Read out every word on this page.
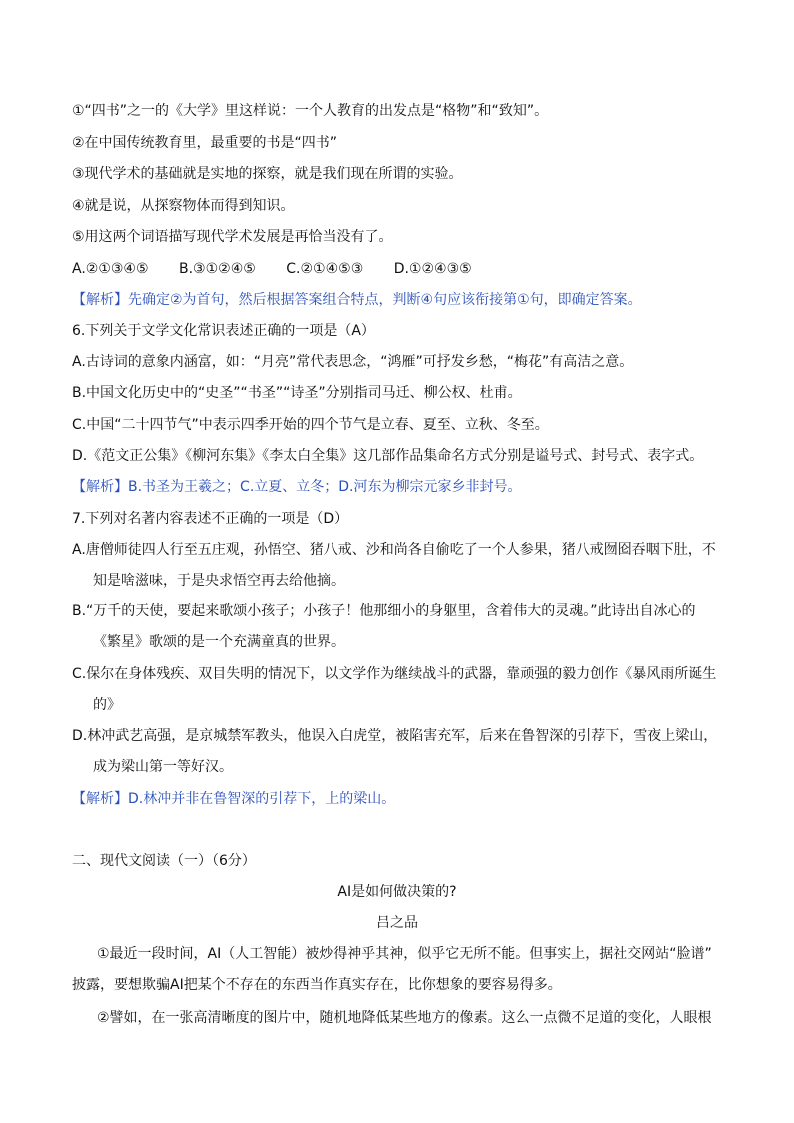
①“四书”之一的《大学》里这样说：一个人教育的出发点是“格物”和“致知”。
②在中国传统教育里，最重要的书是“四书”
③现代学术的基础就是实地的探察，就是我们现在所谓的实验。
④就是说，从探察物体而得到知识。
⑤用这两个词语描写现代学术发展是再恰当没有了。
A.②①③④⑤ B.③①②④⑤ C.②①④⑤③ D.①②④③⑤
【解析】先确定②为首句，然后根据答案组合特点，判断④句应该衔接第①句，即确定答案。
6.下列关于文学文化常识表述正确的一项是（A）
A.古诗词的意象内涵富，如：“月亮”常代表思念，“鸿雁”可抒发乡愁，“梅花”有高洁之意。
B.中国文化历史中的“史圣”“书圣”“诗圣”分别指司马迁、柳公权、杜甫。
C.中国“二十四节气”中表示四季开始的四个节气是立春、夏至、立秋、冬至。
D.《范文正公集》《柳河东集》《李太白全集》这几部作品集命名方式分别是谥号式、封号式、表字式。
【解析】B.书圣为王羲之；C.立夏、立冬；D.河东为柳宗元家乡非封号。
7.下列对名著内容表述不正确的一项是（D）
A.唐僧师徒四人行至五庄观，孙悟空、猪八戒、沙和尚各自偷吃了一个人参果，猪八戒囫囵吞咽下肚，不
知是啥滋味，于是央求悟空再去给他摘。
B.“万千的天使，要起来歌颂小孩子；小孩子！他那细小的身躯里，含着伟大的灵魂。”此诗出自冰心的
《繁星》歌颂的是一个充满童真的世界。
C.保尔在身体残疾、双目失明的情况下，以文学作为继续战斗的武器，靠顽强的毅力创作《暴风雨所诞生
的》
D.林冲武艺高强，是京城禁军教头，他误入白虎堂，被陷害充军，后来在鲁智深的引荐下，雪夜上梁山，
成为梁山第一等好汉。
【解析】D.林冲并非在鲁智深的引荐下，上的梁山。
二、现代文阅读（一）（6分）
AI是如何做决策的?
吕之品
①最近一段时间，AI（人工智能）被炒得神乎其神，似乎它无所不能。但事实上，据社交网站“脸谱”
披露，要想欺骗AI把某个不存在的东西当作真实存在，比你想象的要容易得多。
②譬如，在一张高清晰度的图片中，随机地降低某些地方的像素。这么一点微不足道的变化，人眼根
